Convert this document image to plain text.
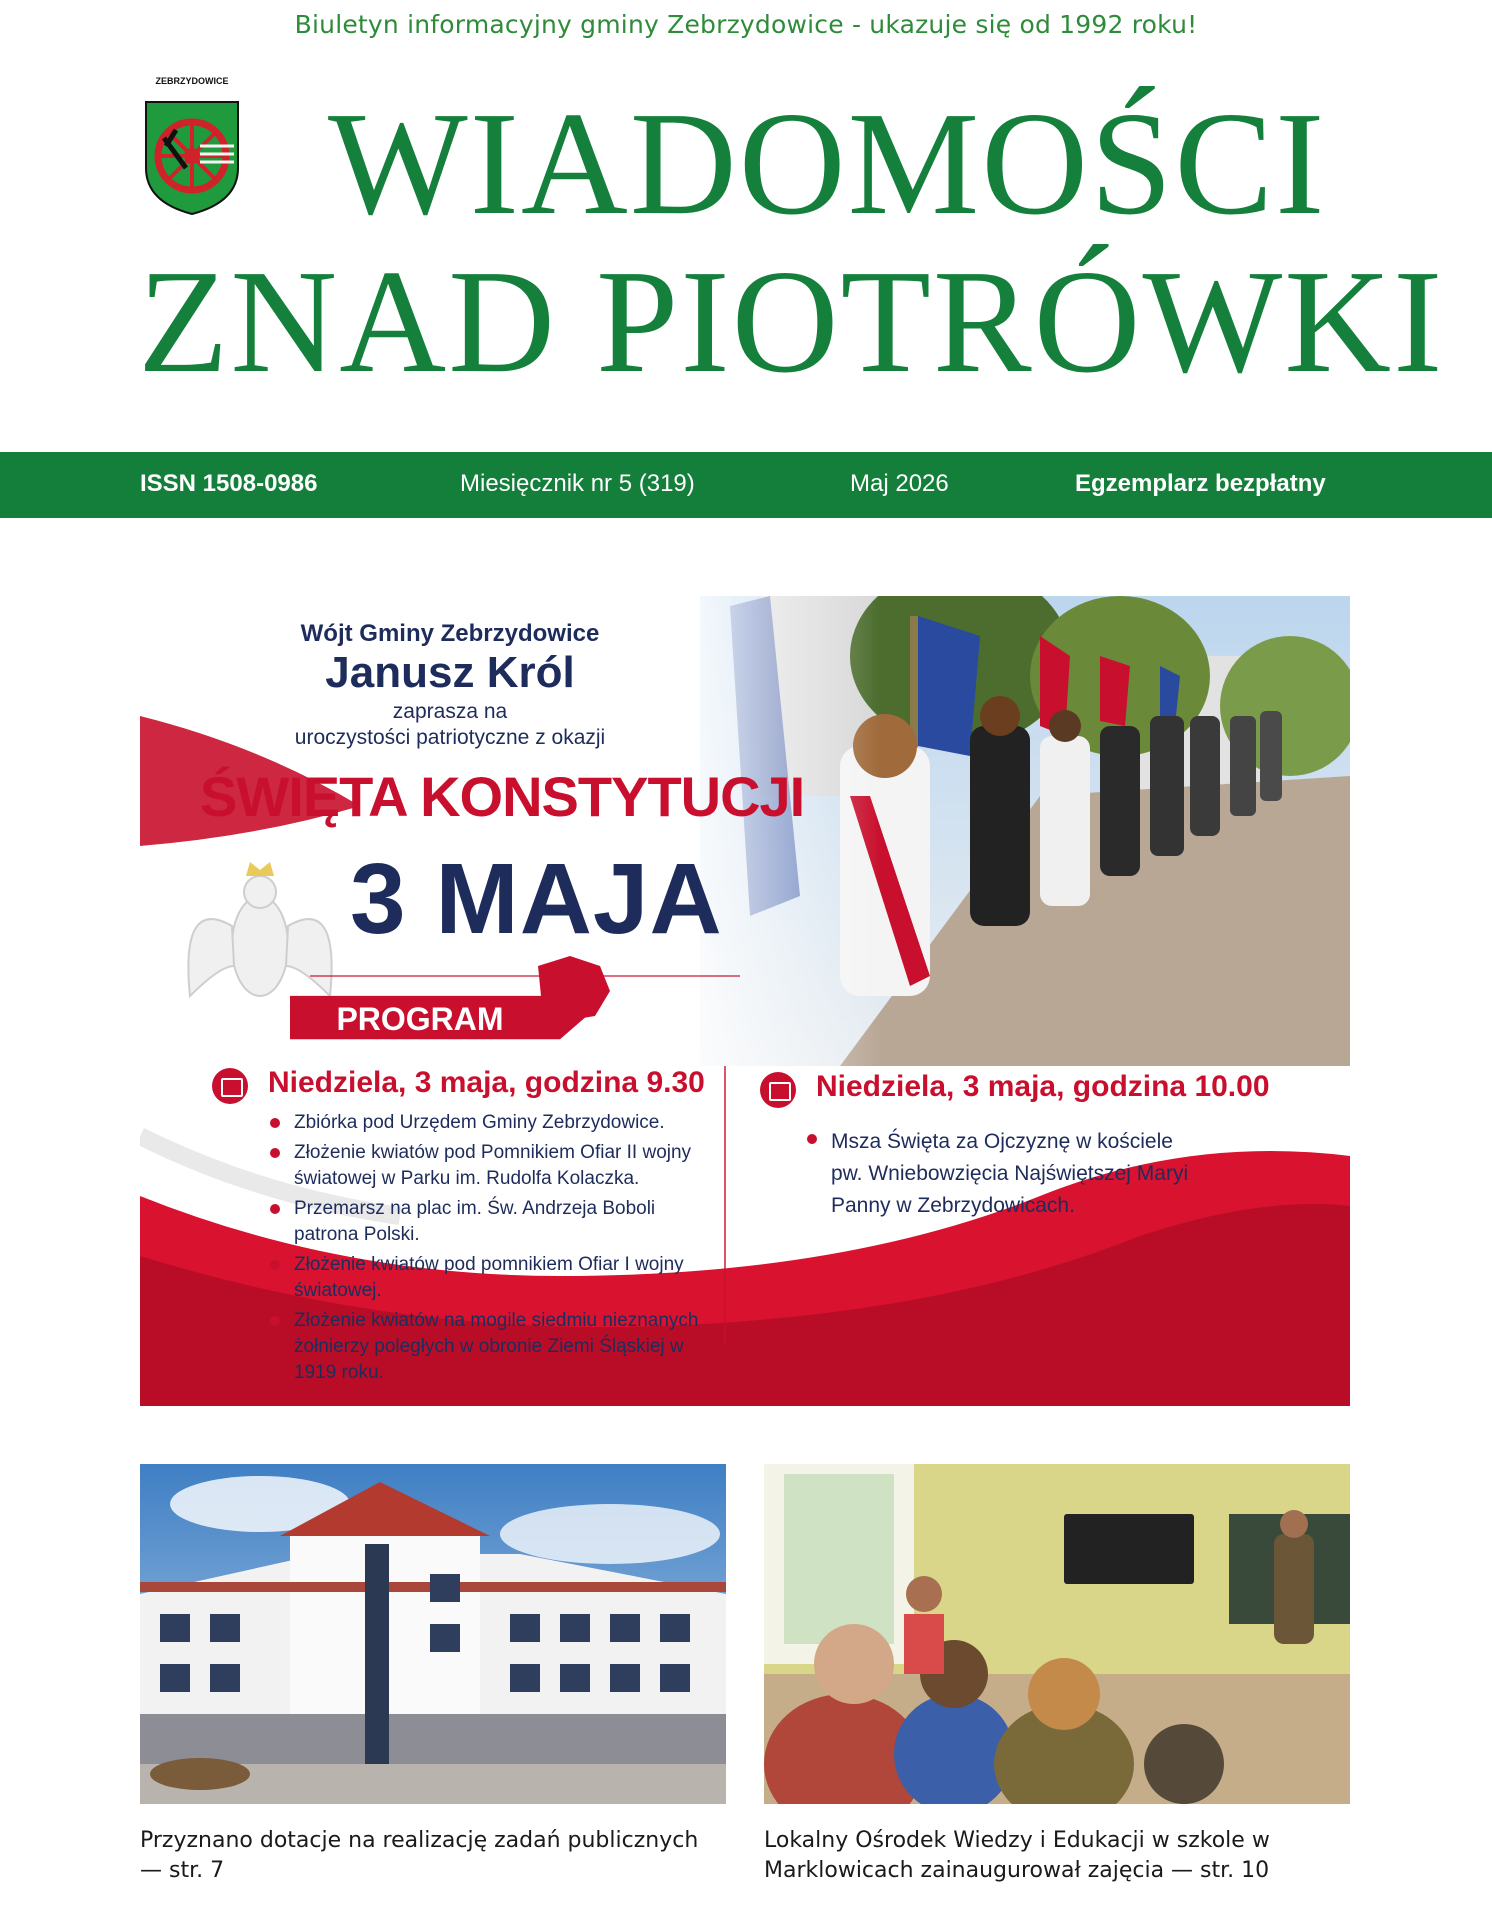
Biuletyn informacyjny gminy Zebrzydowice - ukazuje się od 1992 roku!
ZEBRZYDOWICE
WIADOMOŚCI
ZNAD PIOTRÓWKI
ISSN 1508-0986	Miesięcznik nr 5 (319)	Maj 2026	Egzemplarz bezpłatny
Wójt Gminy Zebrzydowice
Janusz Król
zaprasza na
uroczystości patriotyczne z okazji
ŚWIĘTA KONSTYTUCJI
3 MAJA
PROGRAM
Niedziela, 3 maja, godzina 9.30
Zbiórka pod Urzędem Gminy Zebrzydowice.
Złożenie kwiatów pod Pomnikiem Ofiar II wojny światowej w Parku im. Rudolfa Kolaczka.
Przemarsz na plac im. Św. Andrzeja Boboli patrona Polski.
Złożenie kwiatów pod pomnikiem Ofiar I wojny światowej.
Złożenie kwiatów na mogile siedmiu nieznanych żołnierzy poległych w obronie Ziemi Śląskiej w 1919 roku.
Niedziela, 3 maja, godzina 10.00
Msza Święta za Ojczyznę w kościele pw. Wniebowzięcia Najświętszej Maryi Panny w Zebrzydowicach.
Przyznano dotacje na realizację zadań publicznych — str. 7
Lokalny Ośrodek Wiedzy i Edukacji w szkole w Marklowicach zainaugurował zajęcia — str. 10
